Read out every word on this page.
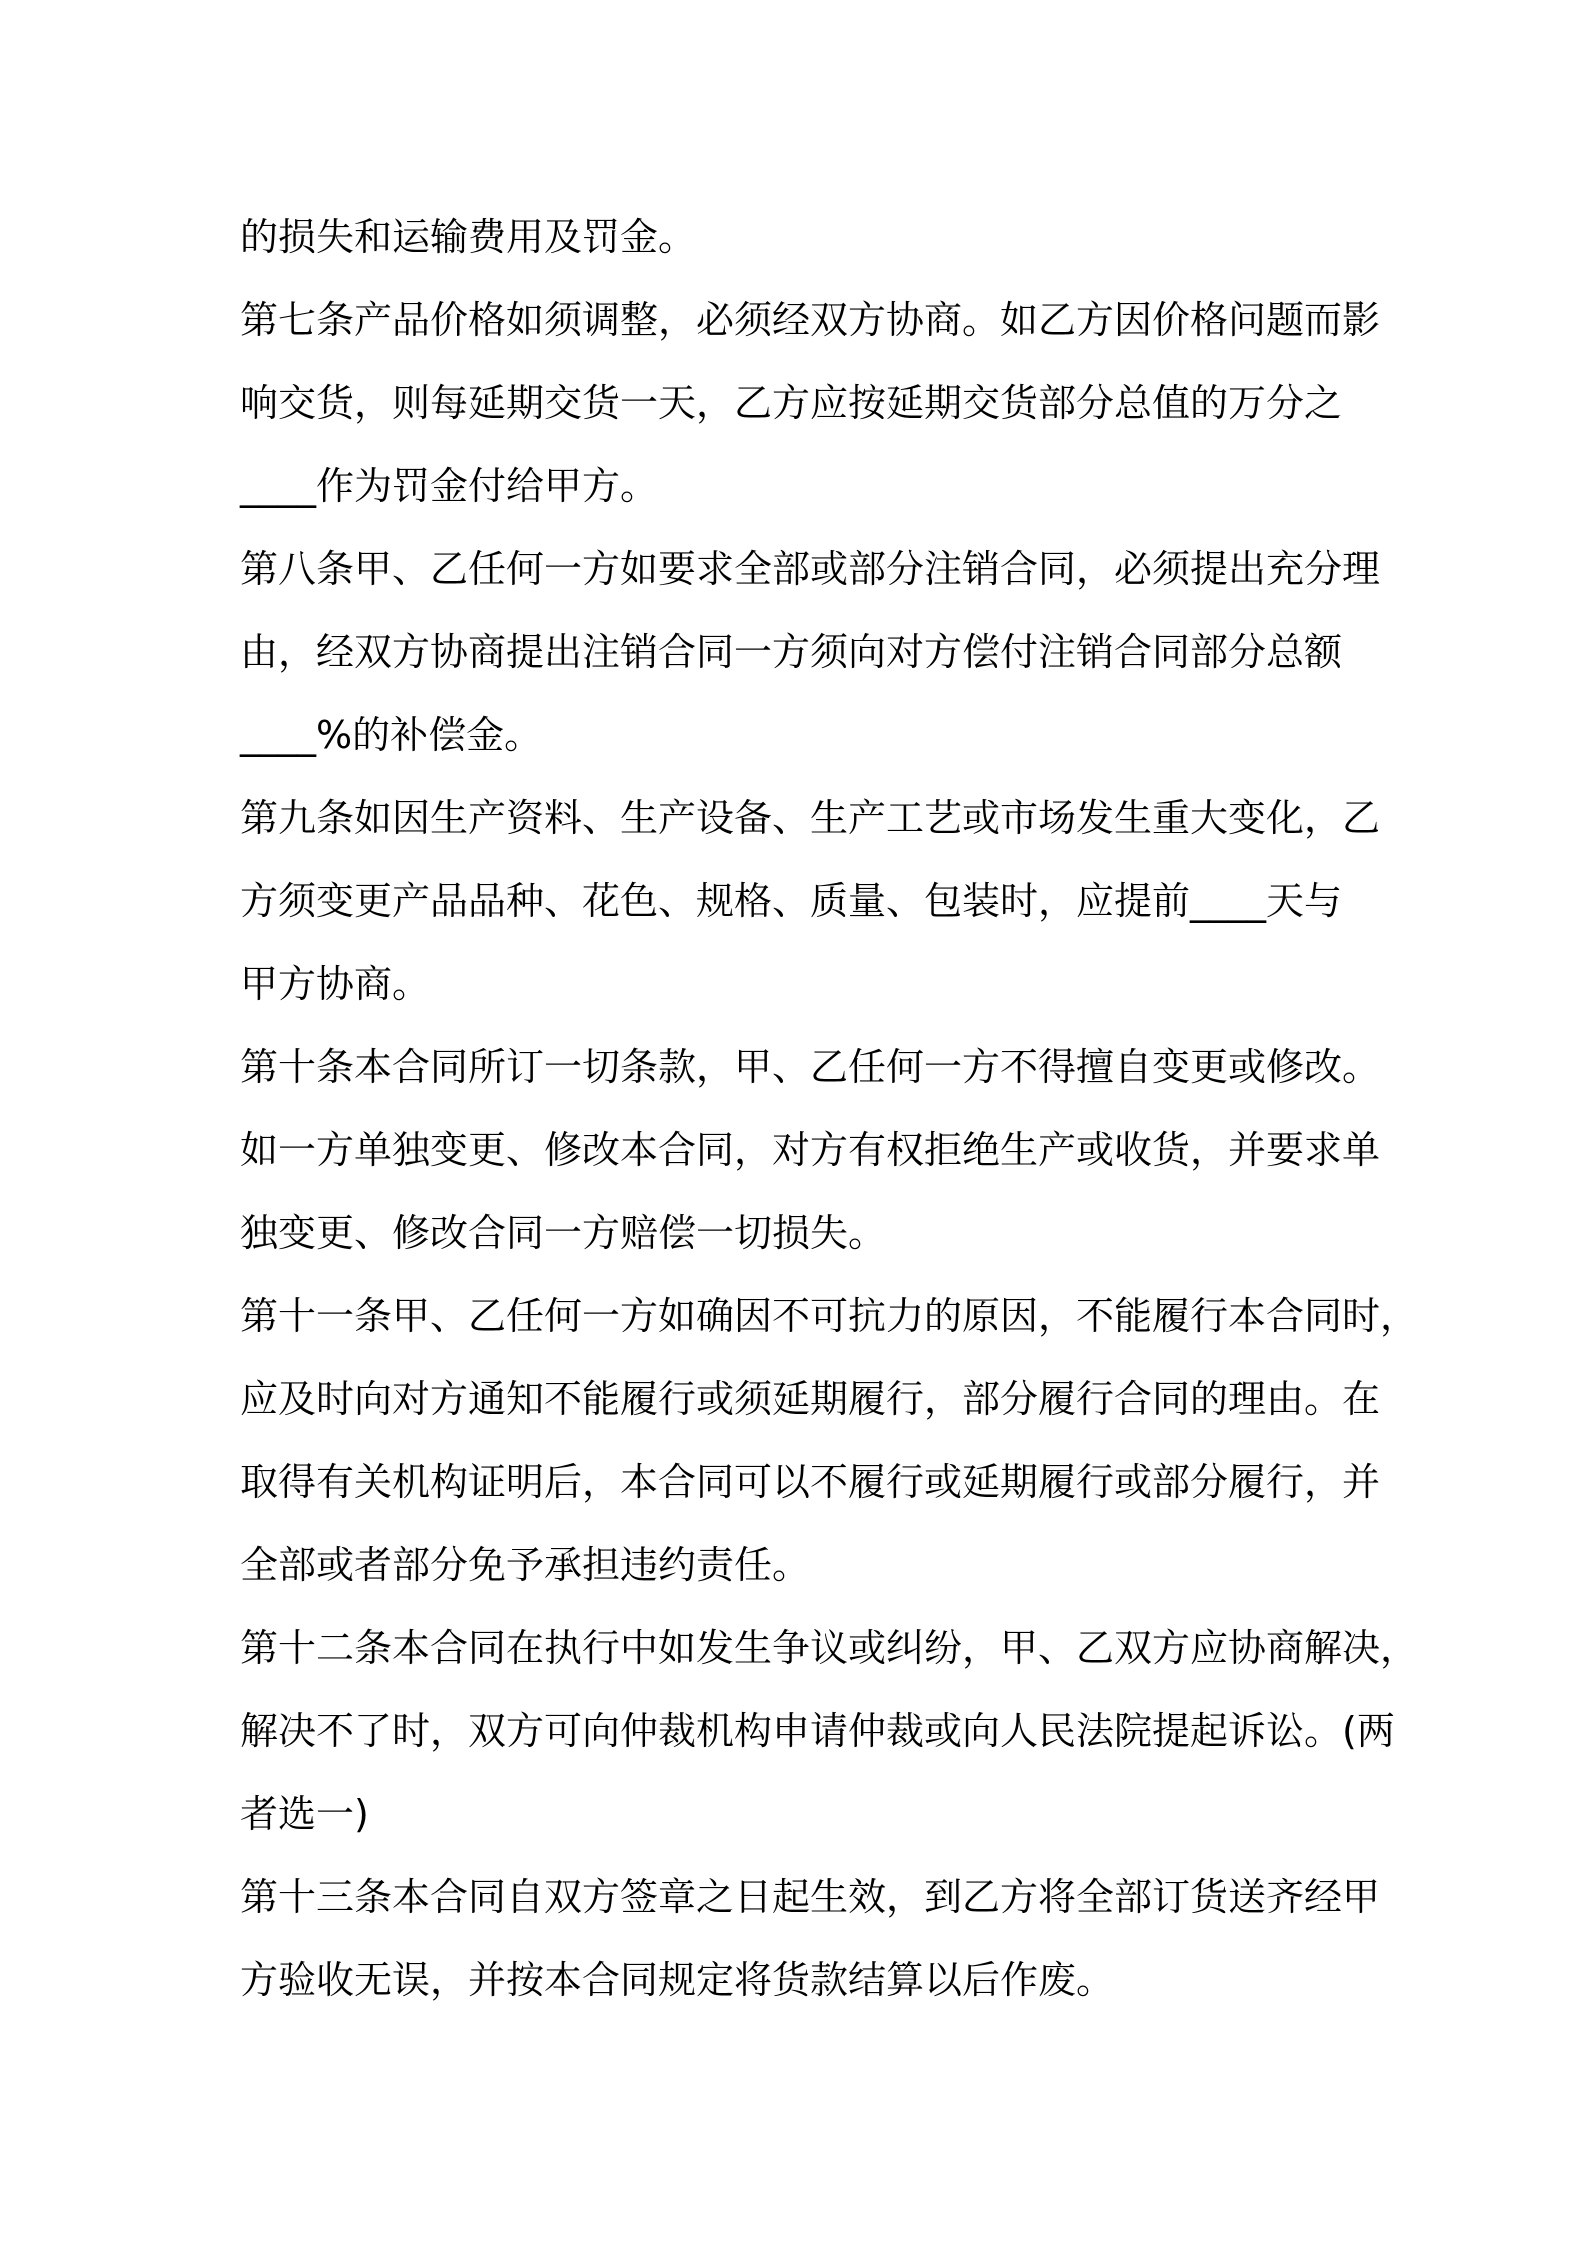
的损失和运输费用及罚金。
第七条产品价格如须调整，必须经双方协商。如乙方因价格问题而影
响交货，则每延期交货一天，乙方应按延期交货部分总值的万分之
____作为罚金付给甲方。
第八条甲、乙任何一方如要求全部或部分注销合同，必须提出充分理
由，经双方协商提出注销合同一方须向对方偿付注销合同部分总额
____%的补偿金。
第九条如因生产资料、生产设备、生产工艺或市场发生重大变化，乙
方须变更产品品种、花色、规格、质量、包装时，应提前____天与
甲方协商。
第十条本合同所订一切条款，甲、乙任何一方不得擅自变更或修改。
如一方单独变更、修改本合同，对方有权拒绝生产或收货，并要求单
独变更、修改合同一方赔偿一切损失。
第十一条甲、乙任何一方如确因不可抗力的原因，不能履行本合同时，
应及时向对方通知不能履行或须延期履行，部分履行合同的理由。在
取得有关机构证明后，本合同可以不履行或延期履行或部分履行，并
全部或者部分免予承担违约责任。
第十二条本合同在执行中如发生争议或纠纷，甲、乙双方应协商解决，
解决不了时，双方可向仲裁机构申请仲裁或向人民法院提起诉讼。(两
者选一)
第十三条本合同自双方签章之日起生效，到乙方将全部订货送齐经甲
方验收无误，并按本合同规定将货款结算以后作废。
